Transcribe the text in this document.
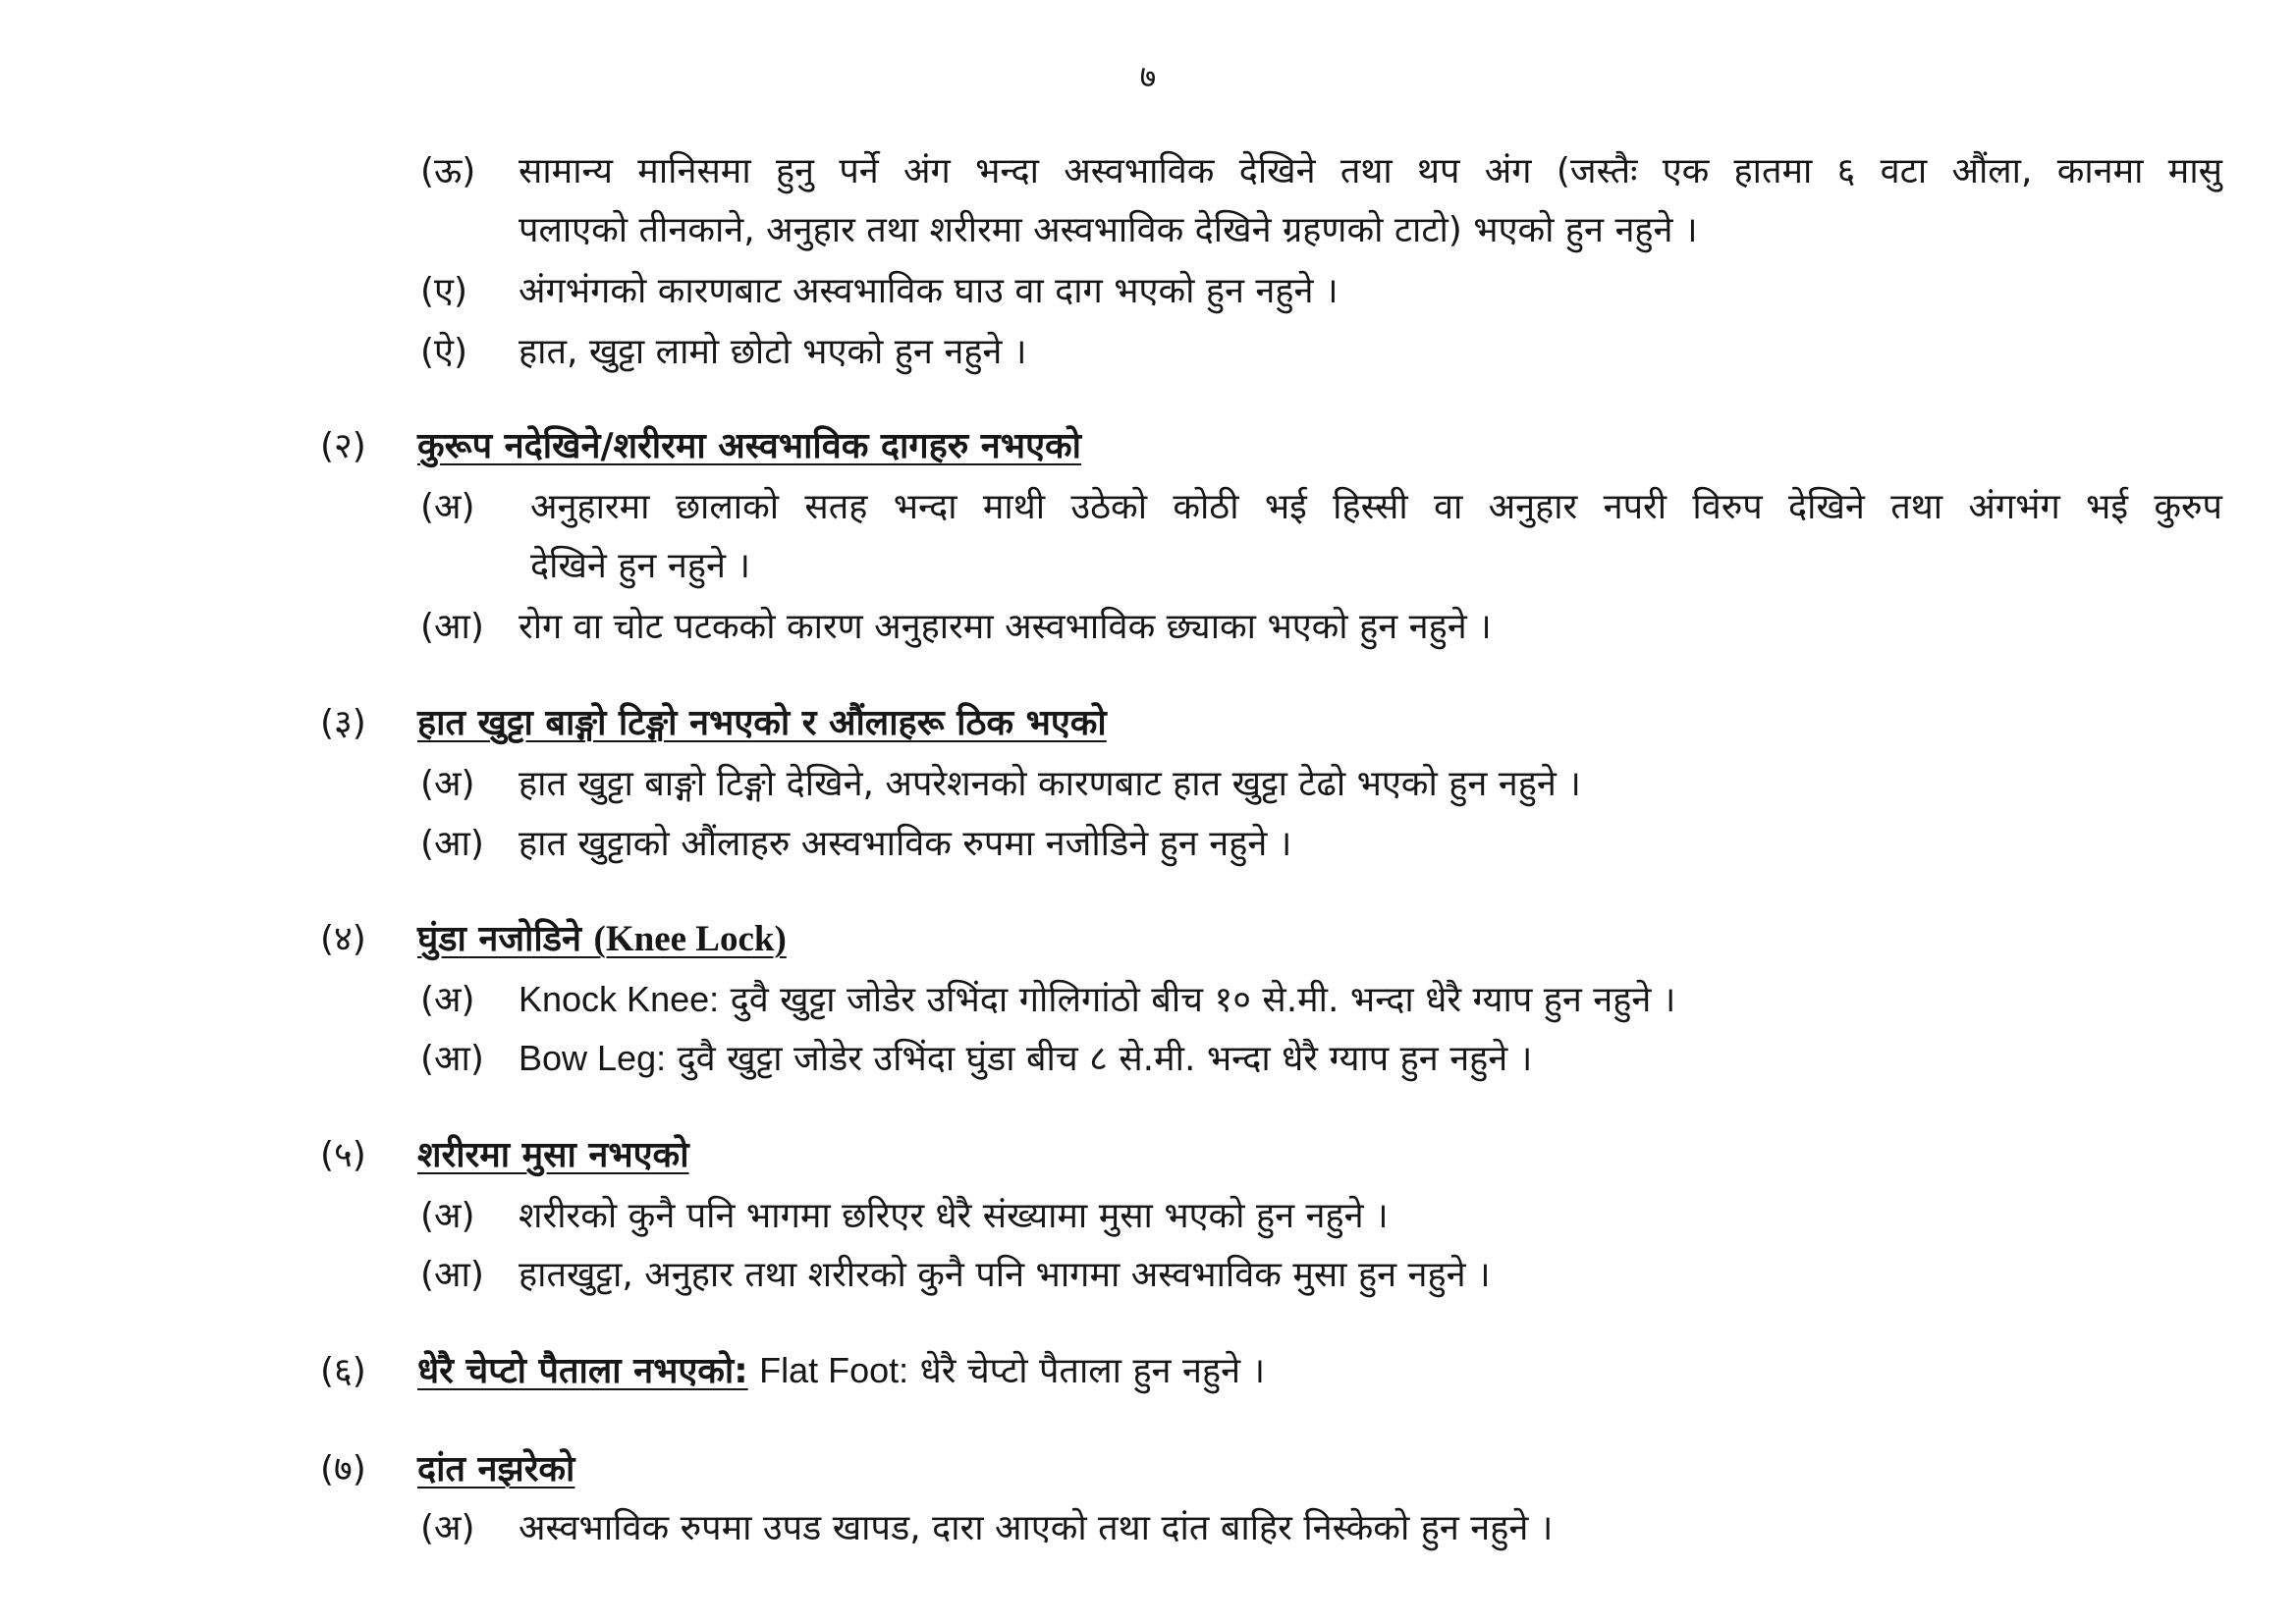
७
(ऊ) सामान्य मानिसमा हुनु पर्ने अंग भन्दा अस्वभाविक देखिने तथा थप अंग (जस्तैः एक हातमा ६ वटा औंला, कानमा मासु
पलाएको तीनकाने, अनुहार तथा शरीरमा अस्वभाविक देखिने ग्रहणको टाटो) भएको हुन नहुने ।
(ए) अंगभंगको कारणबाट अस्वभाविक घाउ वा दाग भएको हुन नहुने ।
(ऐ) हात, खुट्टा लामो छोटो भएको हुन नहुने ।
(२) कुरूप नदेखिने/शरीरमा अस्वभाविक दागहरु नभएको
(अ) अनुहारमा छालाको सतह भन्दा माथी उठेको कोठी भई हिस्सी वा अनुहार नपरी विरुप देखिने तथा अंगभंग भई कुरुप
देखिने हुन नहुने ।
(आ) रोग वा चोट पटकको कारण अनुहारमा अस्वभाविक छ्याका भएको हुन नहुने ।
(३) हात खुट्टा बाङ्गो टिङ्गो नभएको र औंलाहरू ठिक भएको
(अ) हात खुट्टा बाङ्गो टिङ्गो देखिने, अपरेशनको कारणबाट हात खुट्टा टेढो भएको हुन नहुने ।
(आ) हात खुट्टाको औंलाहरु अस्वभाविक रुपमा नजोडिने हुन नहुने ।
(४) घुंडा नजोडिने (Knee Lock)
(अ) Knock Knee: दुवै खुट्टा जोडेर उभिंदा गोलिगांठो बीच १० से.मी. भन्दा धेरै ग्याप हुन नहुने ।
(आ) Bow Leg: दुवै खुट्टा जोडेर उभिंदा घुंडा बीच ८ से.मी. भन्दा धेरै ग्याप हुन नहुने ।
(५) शरीरमा मुसा नभएको
(अ) शरीरको कुनै पनि भागमा छरिएर धेरै संख्यामा मुसा भएको हुन नहुने ।
(आ) हातखुट्टा, अनुहार तथा शरीरको कुनै पनि भागमा अस्वभाविक मुसा हुन नहुने ।
(६) धेरै चेप्टो पैताला नभएको: Flat Foot: धेरै चेप्टो पैताला हुन नहुने ।
(७) दांत नझरेको
(अ) अस्वभाविक रुपमा उपड खापड, दारा आएको तथा दांत बाहिर निस्केको हुन नहुने ।
